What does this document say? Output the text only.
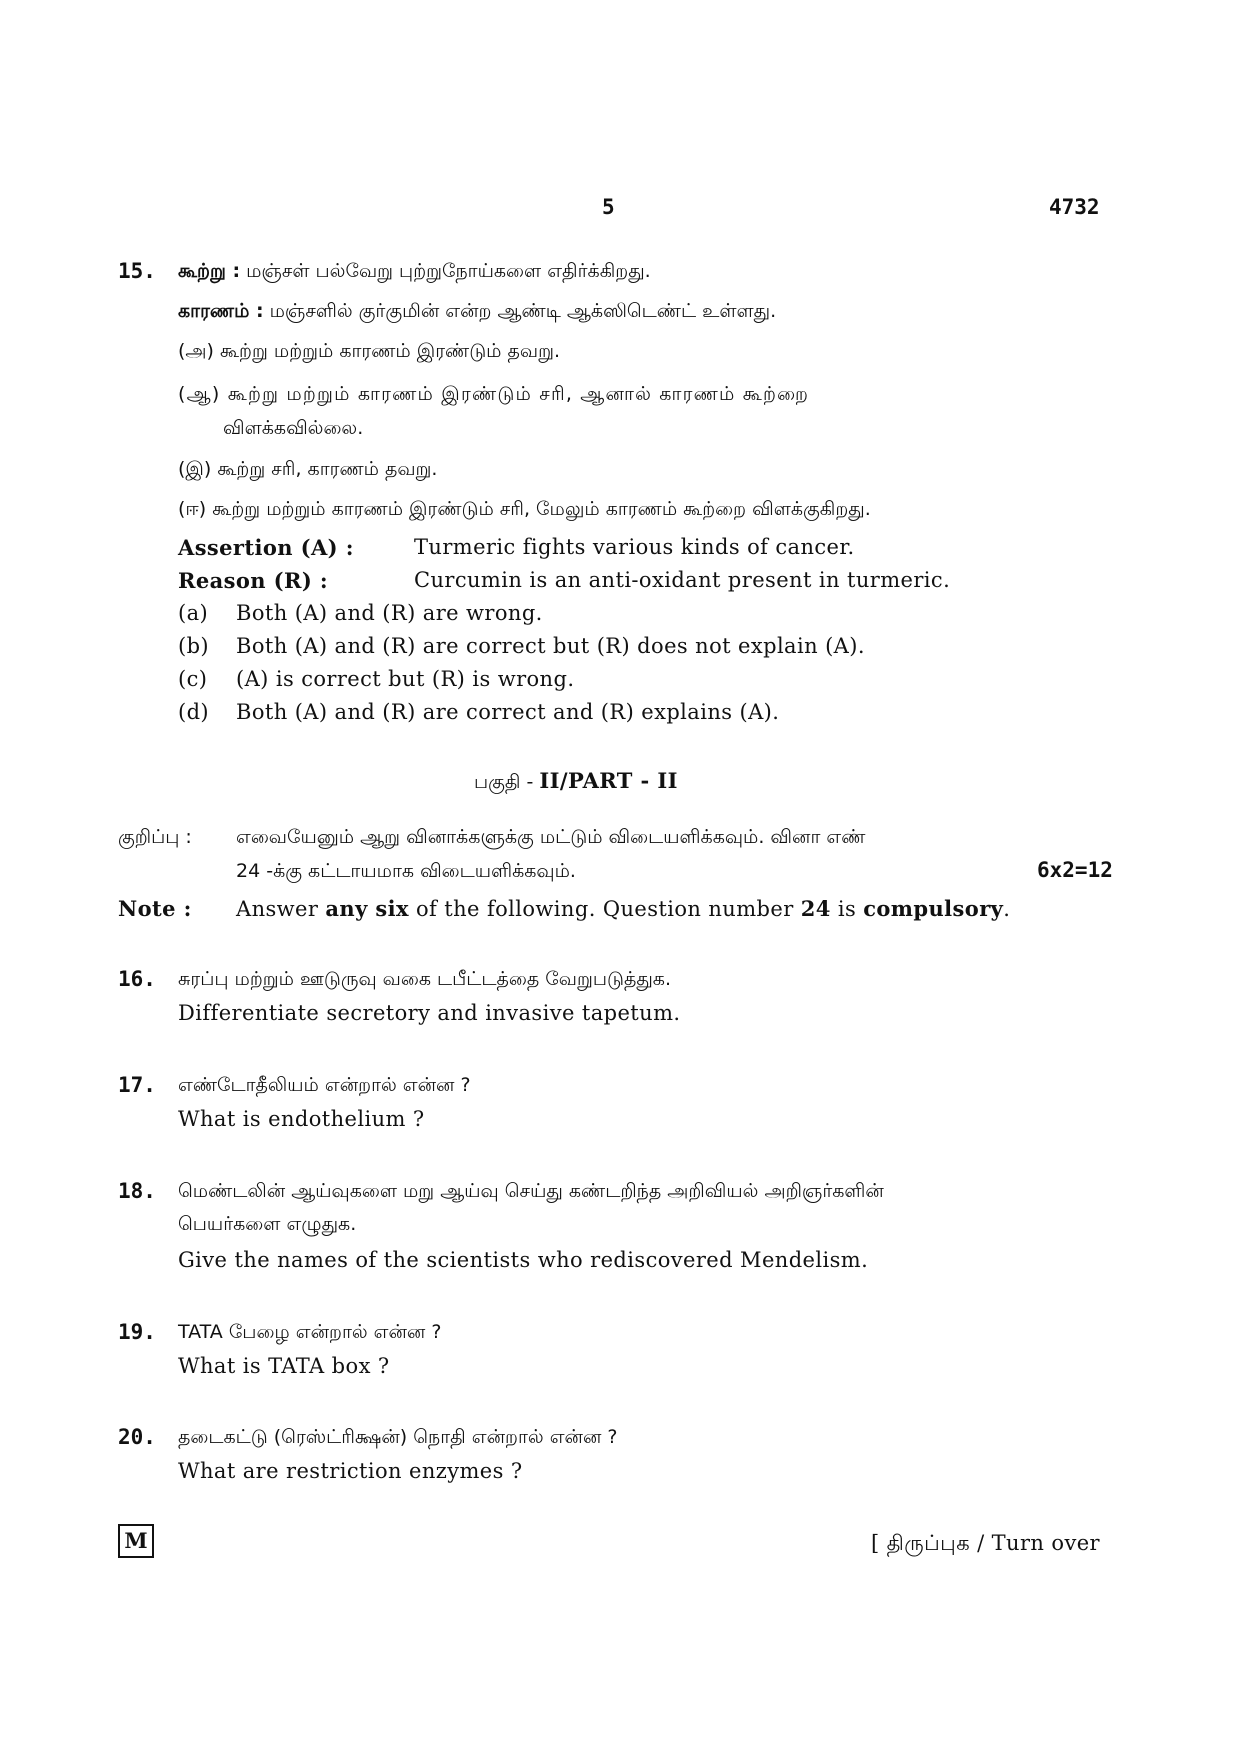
5	4732
15. கூற்று : மஞ்சள் பல்வேறு புற்றுநோய்களை எதிர்க்கிறது.
காரணம் : மஞ்சளில் குர்குமின் என்ற ஆண்டி ஆக்ஸிடெண்ட் உள்ளது.
(அ) கூற்று மற்றும் காரணம் இரண்டும் தவறு.
(ஆ) கூற்று மற்றும் காரணம் இரண்டும் சரி, ஆனால் காரணம் கூற்றை
விளக்கவில்லை.
(இ) கூற்று சரி, காரணம் தவறு.
(ஈ) கூற்று மற்றும் காரணம் இரண்டும் சரி, மேலும் காரணம் கூற்றை விளக்குகிறது.
Assertion (A) :	Turmeric fights various kinds of cancer.
Reason (R) :	Curcumin is an anti-oxidant present in turmeric.
(a) Both (A) and (R) are wrong.
(b) Both (A) and (R) are correct but (R) does not explain (A).
(c) (A) is correct but (R) is wrong.
(d) Both (A) and (R) are correct and (R) explains (A).
பகுதி - II/PART - II
குறிப்பு : எவையேனும் ஆறு வினாக்களுக்கு மட்டும் விடையளிக்கவும். வினா எண்
24 -க்கு கட்டாயமாக விடையளிக்கவும்.	6x2=12
Note : Answer any six of the following. Question number 24 is compulsory.
16. சுரப்பு மற்றும் ஊடுருவு வகை டபீட்டத்தை வேறுபடுத்துக.
Differentiate secretory and invasive tapetum.
17. எண்டோதீலியம் என்றால் என்ன ?
What is endothelium ?
18. மெண்டலின் ஆய்வுகளை மறு ஆய்வு செய்து கண்டறிந்த அறிவியல் அறிஞர்களின்
பெயர்களை எழுதுக.
Give the names of the scientists who rediscovered Mendelism.
19. TATA பேழை என்றால் என்ன ?
What is TATA box ?
20. தடைகட்டு (ரெஸ்ட்ரிக்ஷன்) நொதி என்றால் என்ன ?
What are restriction enzymes ?
M	[ திருப்புக / Turn over
